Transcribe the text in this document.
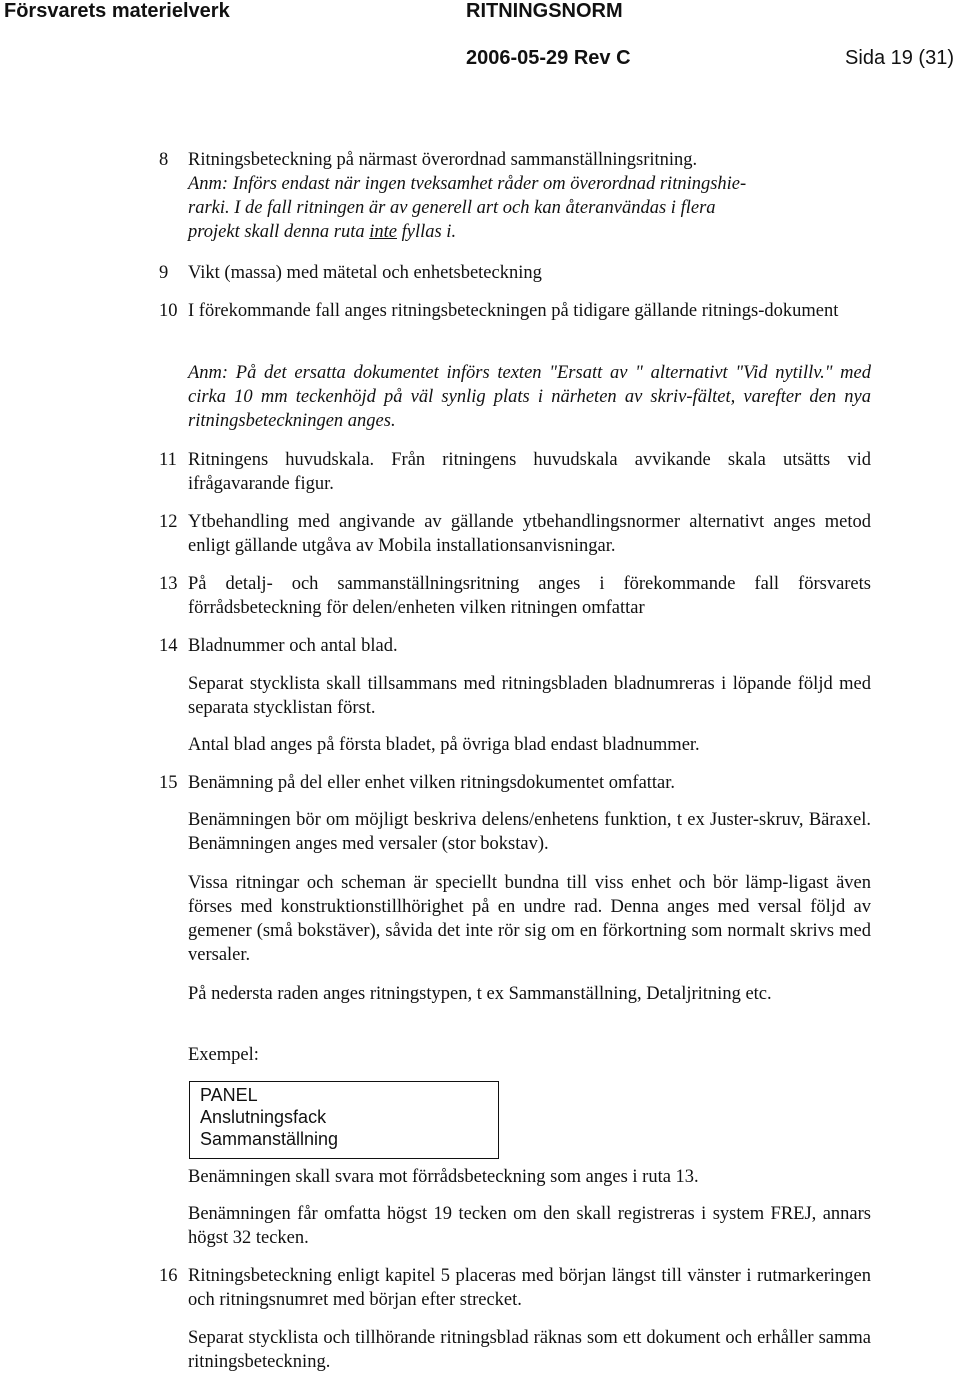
Försvarets materielverk	RITNINGSNORM
2006-05-29 Rev C	Sida 19 (31)
8 Ritningsbeteckning på närmast överordnad sammanställningsritning.
Anm: Införs endast när ingen tveksamhet råder om överordnad ritningshie-
rarki. I de fall ritningen är av generell art och kan återanvändas i flera
projekt skall denna ruta inte fyllas i.
9 Vikt (massa) med mätetal och enhetsbeteckning
10 I förekommande fall anges ritningsbeteckningen på tidigare gällande ritnings-dokument
Anm: På det ersatta dokumentet införs texten "Ersatt av " alternativt "Vid nytillv." med cirka 10 mm teckenhöjd på väl synlig plats i närheten av skriv-fältet, varefter den nya ritningsbeteckningen anges.
11 Ritningens huvudskala. Från ritningens huvudskala avvikande skala utsätts vid ifrågavarande figur.
12 Ytbehandling med angivande av gällande ytbehandlingsnormer alternativt anges metod enligt gällande utgåva av Mobila installationsanvisningar.
13 På detalj- och sammanställningsritning anges i förekommande fall försvarets förrådsbeteckning för delen/enheten vilken ritningen omfattar
14 Bladnummer och antal blad.
Separat stycklista skall tillsammans med ritningsbladen bladnumreras i löpande följd med separata stycklistan först.
Antal blad anges på första bladet, på övriga blad endast bladnummer.
15 Benämning på del eller enhet vilken ritningsdokumentet omfattar.
Benämningen bör om möjligt beskriva delens/enhetens funktion, t ex Juster-skruv, Bäraxel. Benämningen anges med versaler (stor bokstav).
Vissa ritningar och scheman är speciellt bundna till viss enhet och bör lämp-ligast även förses med konstruktionstillhörighet på en undre rad. Denna anges med versal följd av gemener (små bokstäver), såvida det inte rör sig om en förkortning som normalt skrivs med versaler.
På nedersta raden anges ritningstypen, t ex Sammanställning, Detaljritning etc.
Exempel:
PANEL
Anslutningsfack
Sammanställning
Benämningen skall svara mot förrådsbeteckning som anges i ruta 13.
Benämningen får omfatta högst 19 tecken om den skall registreras i system FREJ, annars högst 32 tecken.
16 Ritningsbeteckning enligt kapitel 5 placeras med början längst till vänster i rutmarkeringen och ritningsnumret med början efter strecket.
Separat stycklista och tillhörande ritningsblad räknas som ett dokument och erhåller samma ritningsbeteckning.
